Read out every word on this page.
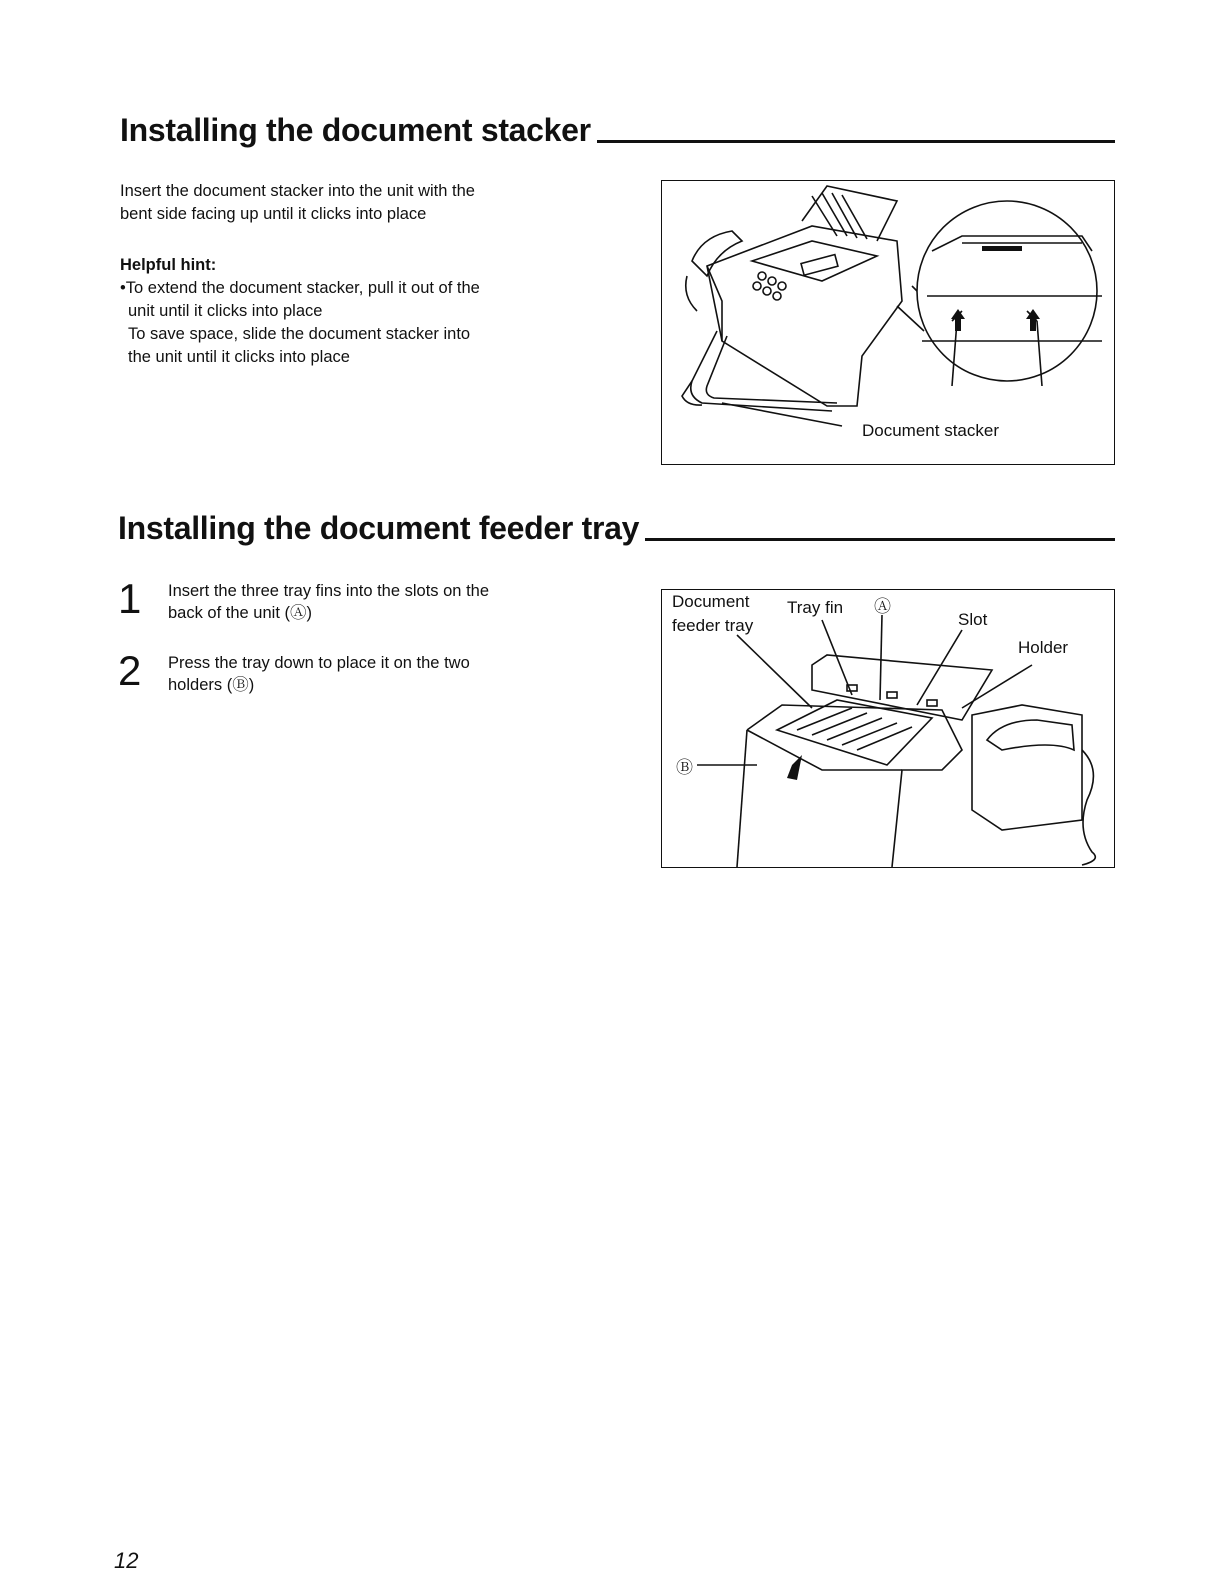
Installing the document stacker
Insert the document stacker into the unit with the
bent side facing up until it clicks into place
Helpful hint:
•To extend the document stacker, pull it out of the
unit until it clicks into place
To save space, slide the document stacker into
the unit until it clicks into place
Document stacker
Installing the document feeder tray
1 Insert the three tray fins into the slots on the
back of the unit (Ⓐ)
2 Press the tray down to place it on the two
holders (Ⓑ)
Document
feeder tray
Tray fin Ⓐ
Slot
Holder
Ⓑ
12
